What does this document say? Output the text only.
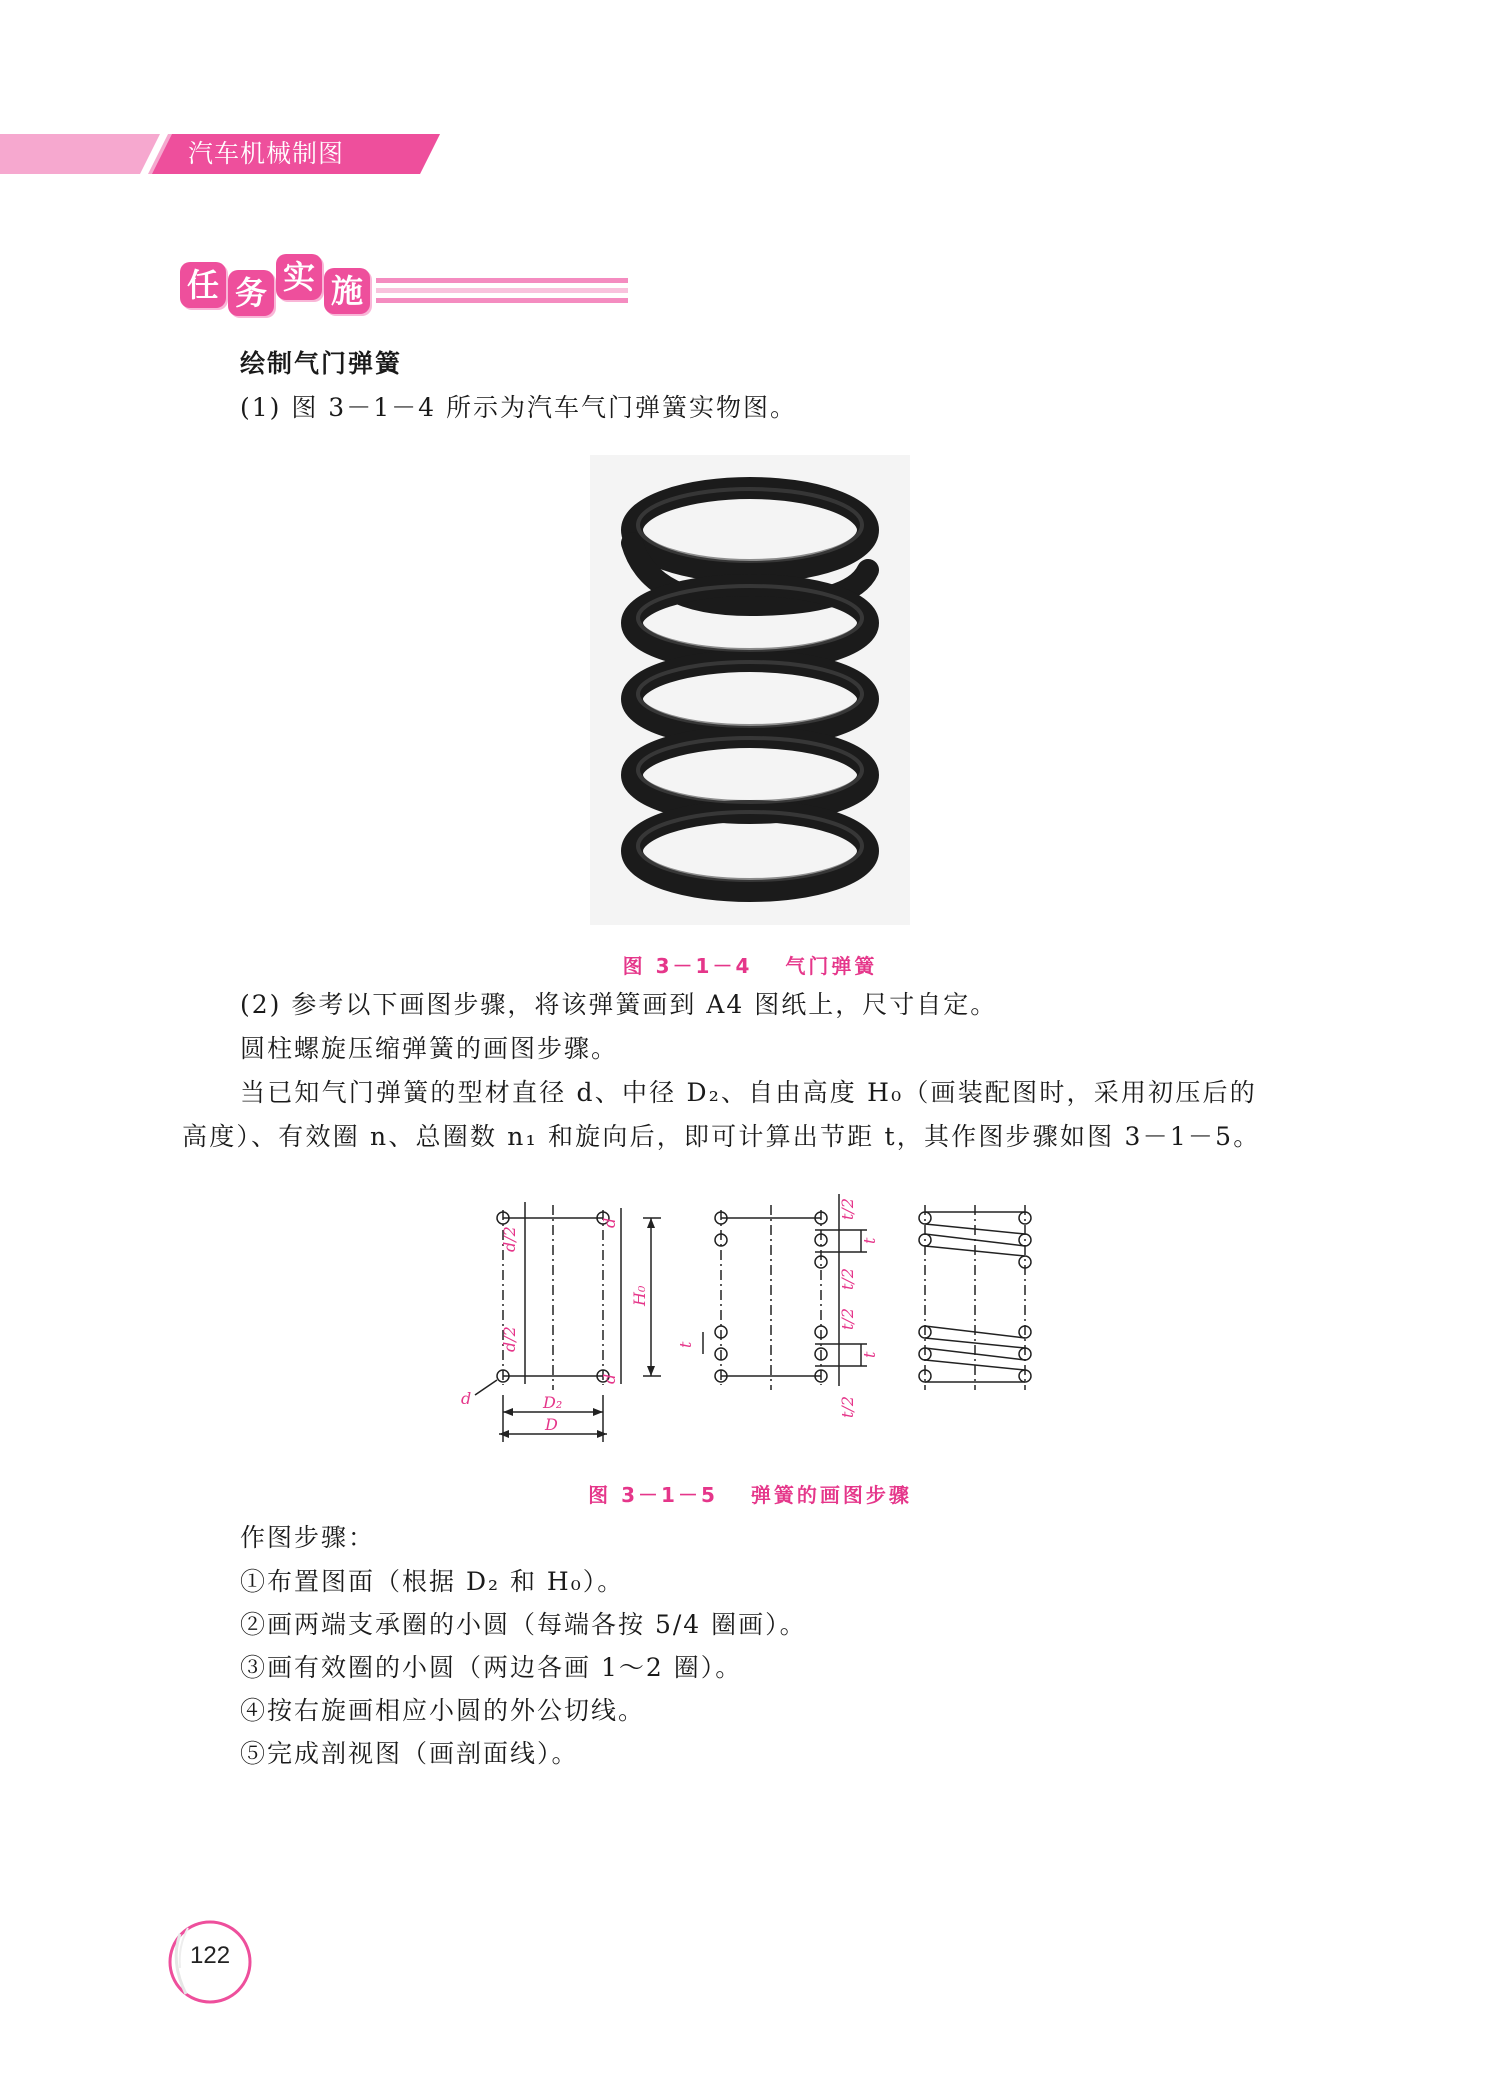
汽车机械制图
任 务 实 施
绘制气门弹簧
(1) 图 3－1－4 所示为汽车气门弹簧实物图。
图 3－1－4　 气门弹簧
(2) 参考以下画图步骤，将该弹簧画到 A4 图纸上，尺寸自定。
圆柱螺旋压缩弹簧的画图步骤。
当已知气门弹簧的型材直径 d、中径 D₂、自由高度 H₀（画装配图时，采用初压后的
高度）、有效圈 n、总圈数 n₁ 和旋向后，即可计算出节距 t，其作图步骤如图 3－1－5。
d/2
d/2
d
d
H₀
D₂
D
d
t/2
t/2
t/2
t/2
t
t
t
图 3－1－5　 弹簧的画图步骤
作图步骤：
①布置图面（根据 D₂ 和 H₀）。
②画两端支承圈的小圆（每端各按 5/4 圈画）。
③画有效圈的小圆（两边各画 1～2 圈）。
④按右旋画相应小圆的外公切线。
⑤完成剖视图（画剖面线）。
122
